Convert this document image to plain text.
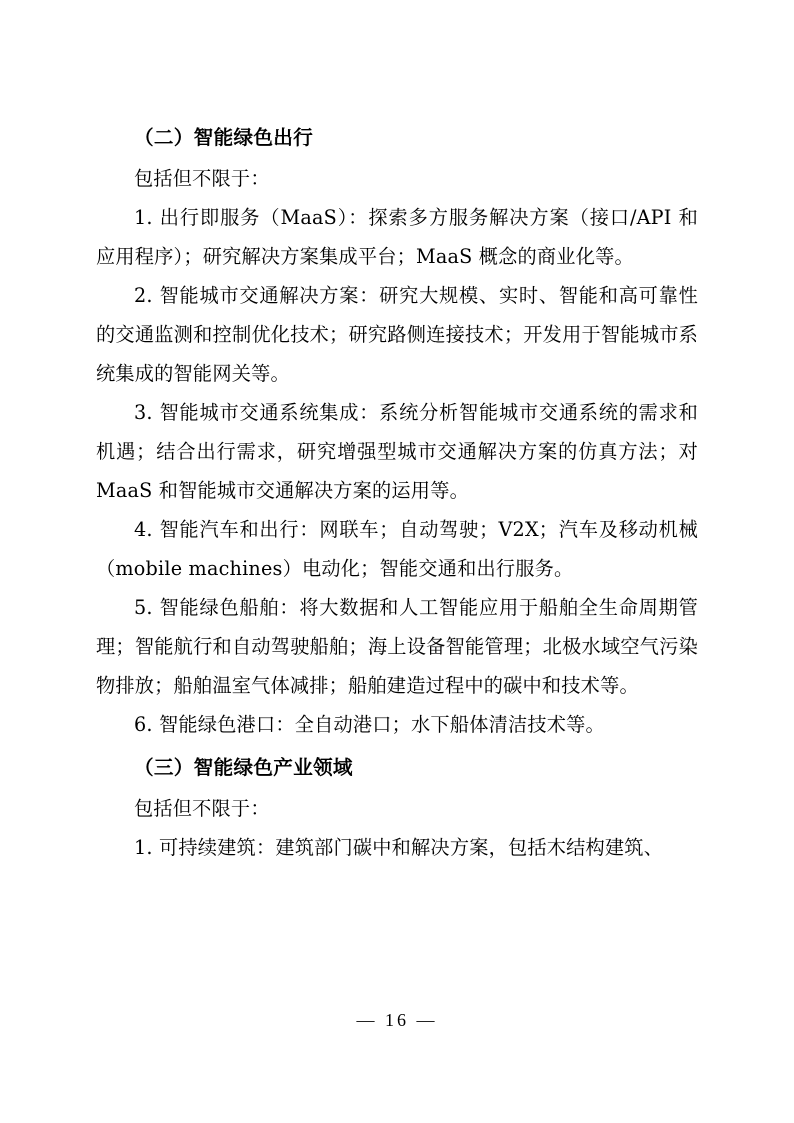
（二）智能绿色出行

包括但不限于：

1. 出行即服务（MaaS）：探索多方服务解决方案（接口/API 和应用程序）；研究解决方案集成平台；MaaS 概念的商业化等。

2. 智能城市交通解决方案：研究大规模、实时、智能和高可靠性的交通监测和控制优化技术；研究路侧连接技术；开发用于智能城市系统集成的智能网关等。

3. 智能城市交通系统集成：系统分析智能城市交通系统的需求和机遇；结合出行需求，研究增强型城市交通解决方案的仿真方法；对 MaaS 和智能城市交通解决方案的运用等。

4. 智能汽车和出行：网联车；自动驾驶；V2X；汽车及移动机械（mobile machines）电动化；智能交通和出行服务。

5. 智能绿色船舶：将大数据和人工智能应用于船舶全生命周期管理；智能航行和自动驾驶船舶；海上设备智能管理；北极水域空气污染物排放；船舶温室气体减排；船舶建造过程中的碳中和技术等。

6. 智能绿色港口：全自动港口；水下船体清洁技术等。

（三）智能绿色产业领域

包括但不限于：

1. 可持续建筑：建筑部门碳中和解决方案，包括木结构建筑、

— 16 —
